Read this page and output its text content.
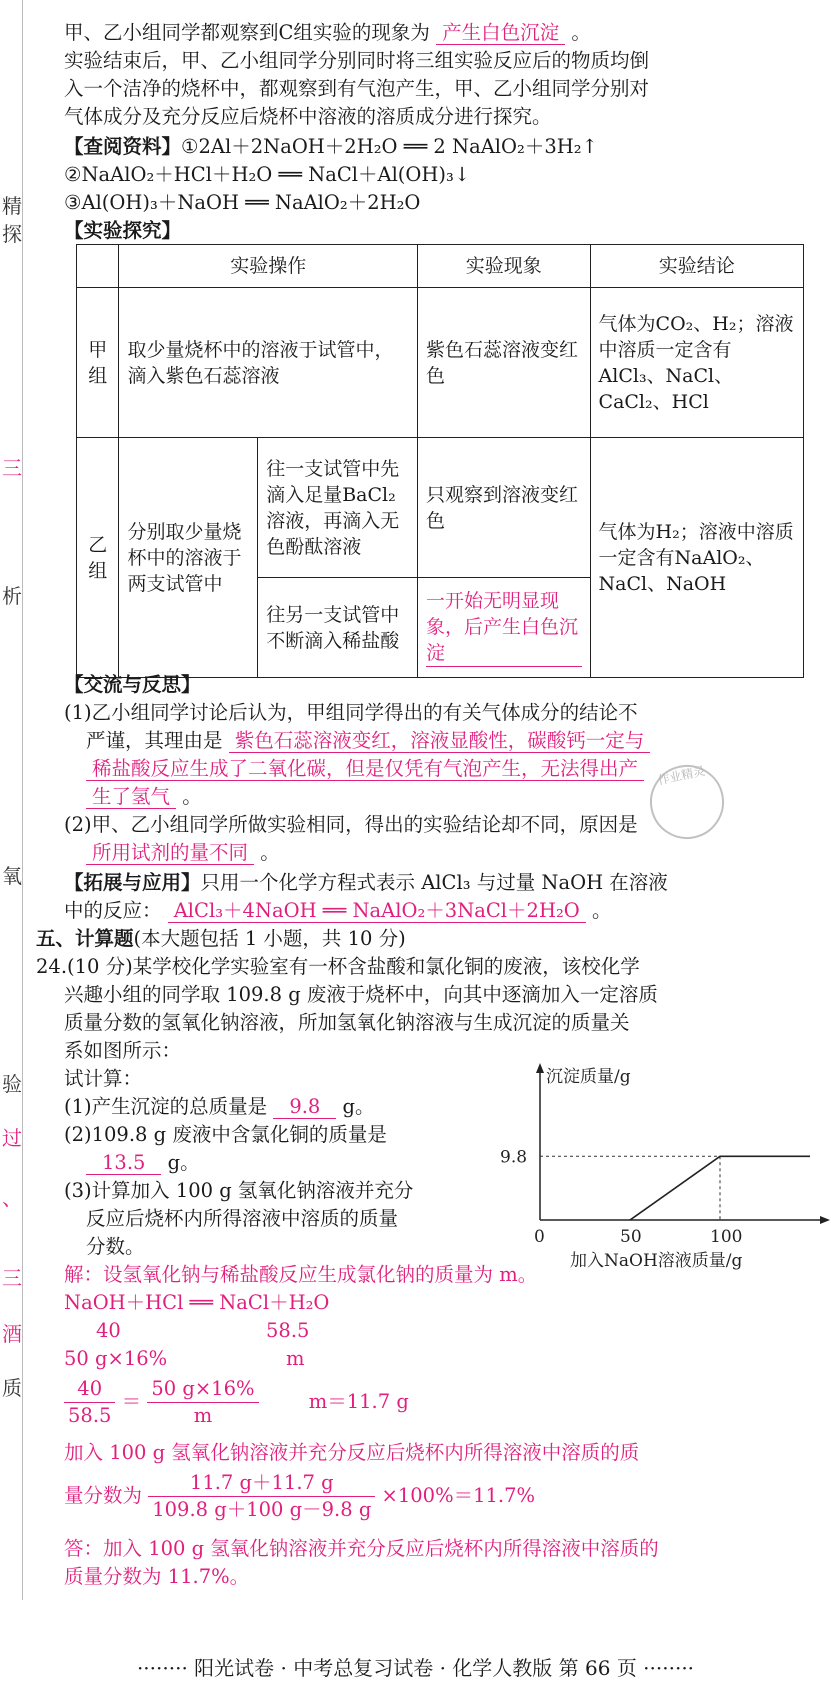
精
探
三
析
氧
验
过
、
三
酒
质
甲、乙小组同学都观察到C组实验的现象为 产生白色沉淀 。
实验结束后，甲、乙小组同学分别同时将三组实验反应后的物质均倒
入一个洁净的烧杯中，都观察到有气泡产生，甲、乙小组同学分别对
气体成分及充分反应后烧杯中溶液的溶质成分进行探究。
【查阅资料】①2Al＋2NaOH＋2H₂O ══ 2 NaAlO₂＋3H₂↑
②NaAlO₂＋HCl＋H₂O ══ NaCl＋Al(OH)₃↓
③Al(OH)₃＋NaOH ══ NaAlO₂＋2H₂O
【实验探究】
	实验操作		实验现象	实验结论
甲组	取少量烧杯中的溶液于试管中，滴入紫色石蕊溶液		紫色石蕊溶液变红色	气体为CO₂、H₂；溶液中溶质一定含有AlCl₃、NaCl、CaCl₂、HCl
乙组	分别取少量烧杯中的溶液于两支试管中	往一支试管中先滴入足量BaCl₂溶液，再滴入无色酚酞溶液	只观察到溶液变红色	气体为H₂；溶液中溶质一定含有NaAlO₂、NaCl、NaOH
		往另一支试管中不断滴入稀盐酸	一开始无明显现象，后产生白色沉淀	
【交流与反思】
(1)乙小组同学讨论后认为，甲组同学得出的有关气体成分的结论不
严谨，其理由是 紫色石蕊溶液变红，溶液显酸性，碳酸钙一定与
稀盐酸反应生成了二氧化碳，但是仅凭有气泡产生，无法得出产
生了氢气 。
(2)甲、乙小组同学所做实验相同，得出的实验结论却不同，原因是
所用试剂的量不同 。
作业精灵
【拓展与应用】只用一个化学方程式表示 AlCl₃ 与过量 NaOH 在溶液
中的反应： AlCl₃＋4NaOH ══ NaAlO₂＋3NaCl＋2H₂O 。
五、计算题(本大题包括 1 小题，共 10 分)
24.(10 分)某学校化学实验室有一杯含盐酸和氯化铜的废液，该校化学
兴趣小组的同学取 109.8 g 废液于烧杯中，向其中逐滴加入一定溶质
质量分数的氢氧化钠溶液，所加氢氧化钠溶液与生成沉淀的质量关
系如图所示：
试计算：
(1)产生沉淀的总质量是 9.8 g。
(2)109.8 g 废液中含氯化铜的质量是
13.5 g。
(3)计算加入 100 g 氢氧化钠溶液并充分
反应后烧杯内所得溶液中溶质的质量
分数。
沉淀质量/g
加入NaOH溶液质量/g
0	50	100
9.8
解：设氢氧化钠与稀盐酸反应生成氯化钠的质量为 m。
NaOH＋HCl ══ NaCl＋H₂O
40	58.5
50 g×16%	m
$\frac{40}{58.5} = \frac{50 g\times 16\%}{m}$	m＝11.7 g
加入 100 g 氢氧化钠溶液并充分反应后烧杯内所得溶液中溶质的质
量分数为 $\frac{11.7 g+11.7 g}{109.8 g+100 g-9.8 g} \times 100\%=11.7\%$
答：加入 100 g 氢氧化钠溶液并充分反应后烧杯内所得溶液中溶质的
质量分数为 11.7%。
········ 阳光试卷 · 中考总复习试卷 · 化学人教版 第 66 页 ········
